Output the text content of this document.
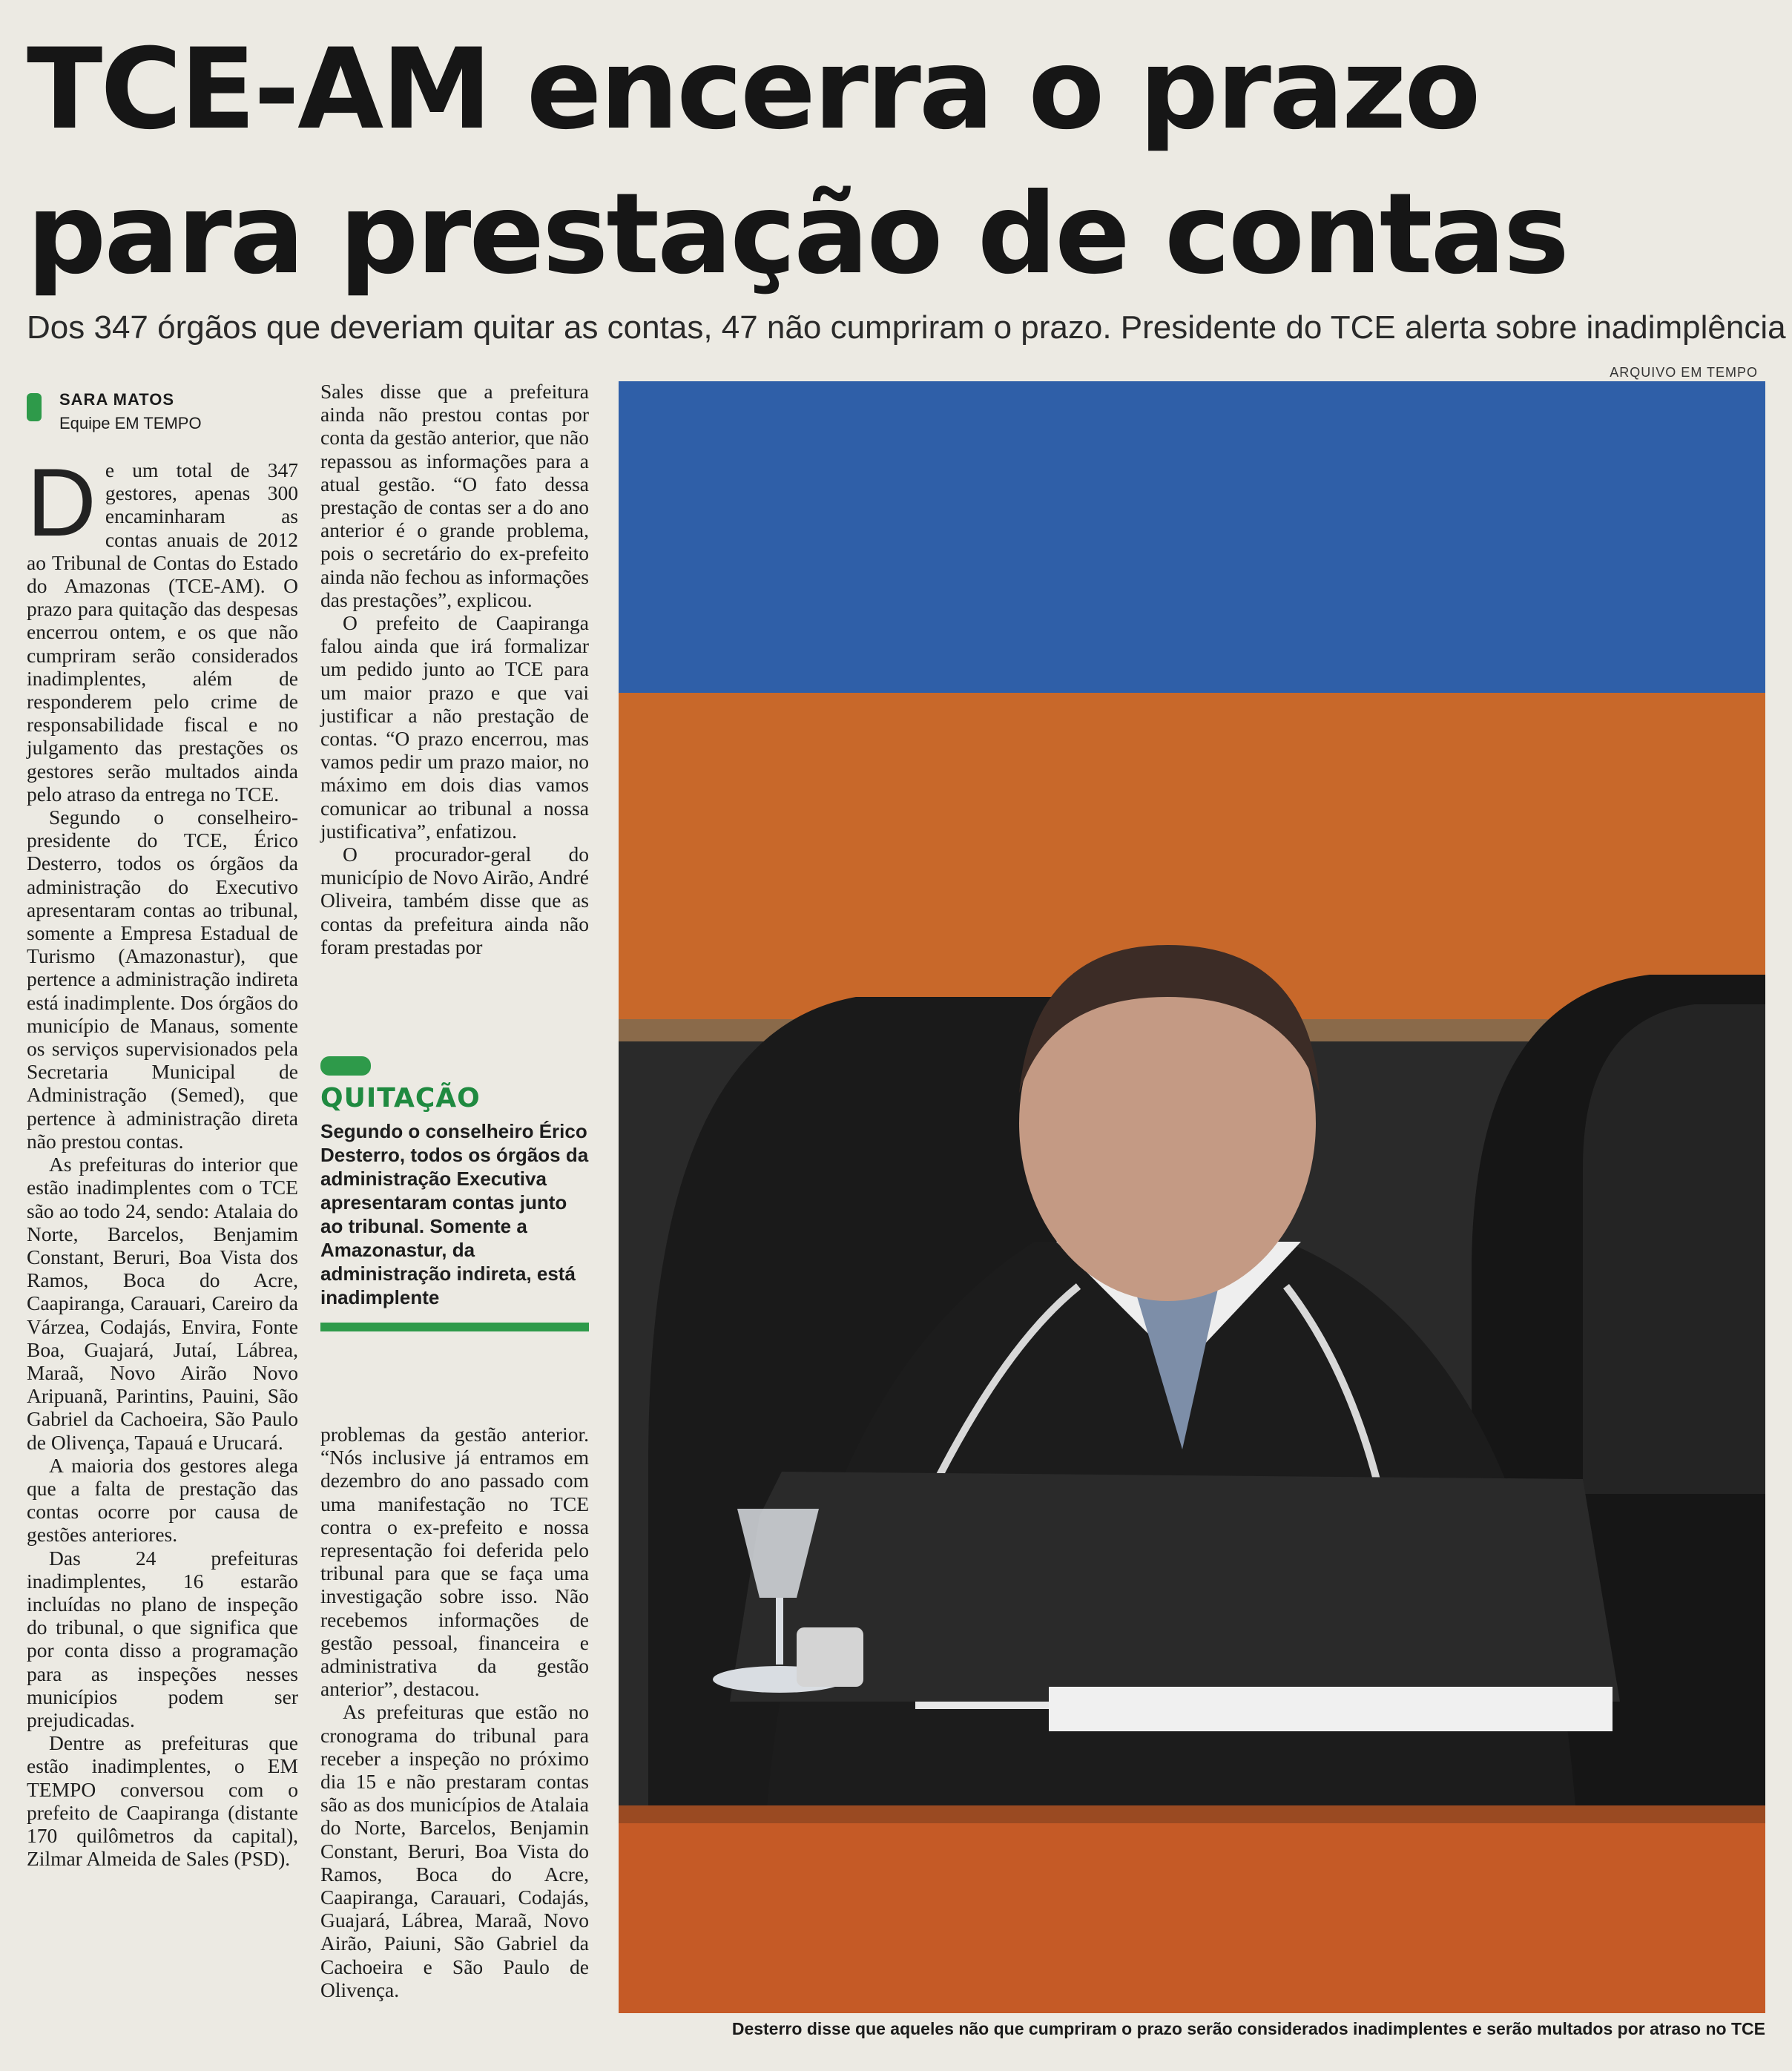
TCE-AM encerra o prazo
para prestação de contas
Dos 347 órgãos que deveriam quitar as contas, 47 não cumpriram o prazo. Presidente do TCE alerta sobre inadimplência
ARQUIVO EM TEMPO
SARA MATOS
Equipe EM TEMPO

De um total de 347 gestores, apenas 300 encaminharam as contas anuais de 2012 ao Tribunal de Contas do Estado do Amazonas (TCE-AM). O prazo para quitação das despesas encerrou ontem, e os que não cumpriram serão considerados inadimplentes, além de responderem pelo crime de responsabilidade fiscal e no julgamento das prestações os gestores serão multados ainda pelo atraso da entrega no TCE.

Segundo o conselheiro-presidente do TCE, Érico Desterro, todos os órgãos da administração do Executivo apresentaram contas ao tribunal, somente a Empresa Estadual de Turismo (Amazonastur), que pertence a administração indireta está inadimplente. Dos órgãos do município de Manaus, somente os serviços supervisionados pela Secretaria Municipal de Administração (Semed), que pertence à administração direta não prestou contas.

As prefeituras do interior que estão inadimplentes com o TCE são ao todo 24, sendo: Atalaia do Norte, Barcelos, Benjamim Constant, Beruri, Boa Vista dos Ramos, Boca do Acre, Caapiranga, Carauari, Careiro da Várzea, Codajás, Envira, Fonte Boa, Guajará, Jutaí, Lábrea, Maraã, Novo Airão Novo Aripuanã, Parintins, Pauini, São Gabriel da Cachoeira, São Paulo de Olivença, Tapauá e Urucará.

A maioria dos gestores alega que a falta de prestação das contas ocorre por causa de gestões anteriores.

Das 24 prefeituras inadimplentes, 16 estarão incluídas no plano de inspeção do tribunal, o que significa que por conta disso a programação para as inspeções nesses municípios podem ser prejudicadas.

Dentre as prefeituras que estão inadimplentes, o EM TEMPO conversou com o prefeito de Caapiranga (distante 170 quilômetros da capital), Zilmar Almeida de Sales (PSD).

Sales disse que a prefeitura ainda não prestou contas por conta da gestão anterior, que não repassou as informações para a atual gestão. “O fato dessa prestação de contas ser a do ano anterior é o grande problema, pois o secretário do ex-prefeito ainda não fechou as informações das prestações”, explicou.

O prefeito de Caapiranga falou ainda que irá formalizar um pedido junto ao TCE para um maior prazo e que vai justificar a não prestação de contas. “O prazo encerrou, mas vamos pedir um prazo maior, no máximo em dois dias vamos comunicar ao tribunal a nossa justificativa”, enfatizou.

O procurador-geral do município de Novo Airão, André Oliveira, também disse que as contas da prefeitura ainda não foram prestadas por

QUITAÇÃO
Segundo o conselheiro Érico Desterro, todos os órgãos da administração Executiva apresentaram contas junto ao tribunal. Somente a Amazonastur, da administração indireta, está inadimplente

problemas da gestão anterior. “Nós inclusive já entramos em dezembro do ano passado com uma manifestação no TCE contra o ex-prefeito e nossa representação foi deferida pelo tribunal para que se faça uma investigação sobre isso. Não recebemos informações de gestão pessoal, financeira e administrativa da gestão anterior”, destacou.

As prefeituras que estão no cronograma do tribunal para receber a inspeção no próximo dia 15 e não prestaram contas são as dos municípios de Atalaia do Norte, Barcelos, Benjamin Constant, Beruri, Boa Vista do Ramos, Boca do Acre, Caapiranga, Carauari, Codajás, Guajará, Lábrea, Maraã, Novo Airão, Paiuni, São Gabriel da Cachoeira e São Paulo de Olivença.

Desterro disse que aqueles não que cumpriram o prazo serão considerados inadimplentes e serão multados por atraso no TCE
